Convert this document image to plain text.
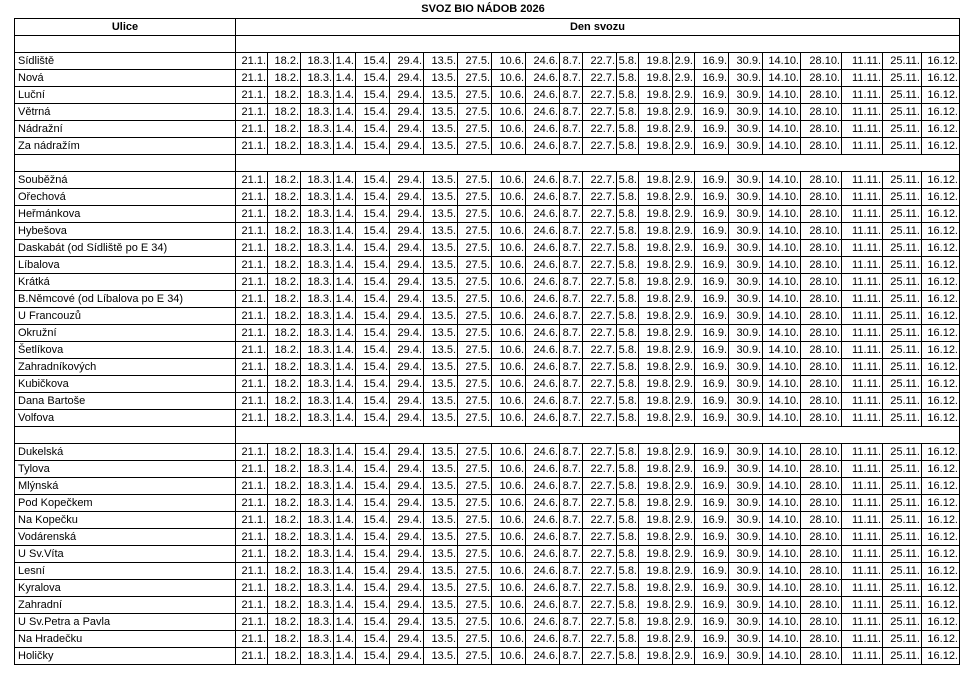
SVOZ BIO NÁDOB 2026
Ulice	Den svozu																					

Sídliště	21.1.	18.2.	18.3.	1.4.	15.4.	29.4.	13.5.	27.5.	10.6.	24.6.	8.7.	22.7.	5.8.	19.8.	2.9.	16.9.	30.9.	14.10.	28.10.	11.11.	25.11.	16.12.
Nová	21.1.	18.2.	18.3.	1.4.	15.4.	29.4.	13.5.	27.5.	10.6.	24.6.	8.7.	22.7.	5.8.	19.8.	2.9.	16.9.	30.9.	14.10.	28.10.	11.11.	25.11.	16.12.
Luční	21.1.	18.2.	18.3.	1.4.	15.4.	29.4.	13.5.	27.5.	10.6.	24.6.	8.7.	22.7.	5.8.	19.8.	2.9.	16.9.	30.9.	14.10.	28.10.	11.11.	25.11.	16.12.
Větrná	21.1.	18.2.	18.3.	1.4.	15.4.	29.4.	13.5.	27.5.	10.6.	24.6.	8.7.	22.7.	5.8.	19.8.	2.9.	16.9.	30.9.	14.10.	28.10.	11.11.	25.11.	16.12.
Nádražní	21.1.	18.2.	18.3.	1.4.	15.4.	29.4.	13.5.	27.5.	10.6.	24.6.	8.7.	22.7.	5.8.	19.8.	2.9.	16.9.	30.9.	14.10.	28.10.	11.11.	25.11.	16.12.
Za nádražím	21.1.	18.2.	18.3.	1.4.	15.4.	29.4.	13.5.	27.5.	10.6.	24.6.	8.7.	22.7.	5.8.	19.8.	2.9.	16.9.	30.9.	14.10.	28.10.	11.11.	25.11.	16.12.

Souběžná	21.1.	18.2.	18.3.	1.4.	15.4.	29.4.	13.5.	27.5.	10.6.	24.6.	8.7.	22.7.	5.8.	19.8.	2.9.	16.9.	30.9.	14.10.	28.10.	11.11.	25.11.	16.12.
Ořechová	21.1.	18.2.	18.3.	1.4.	15.4.	29.4.	13.5.	27.5.	10.6.	24.6.	8.7.	22.7.	5.8.	19.8.	2.9.	16.9.	30.9.	14.10.	28.10.	11.11.	25.11.	16.12.
Heřmánkova	21.1.	18.2.	18.3.	1.4.	15.4.	29.4.	13.5.	27.5.	10.6.	24.6.	8.7.	22.7.	5.8.	19.8.	2.9.	16.9.	30.9.	14.10.	28.10.	11.11.	25.11.	16.12.
Hybešova	21.1.	18.2.	18.3.	1.4.	15.4.	29.4.	13.5.	27.5.	10.6.	24.6.	8.7.	22.7.	5.8.	19.8.	2.9.	16.9.	30.9.	14.10.	28.10.	11.11.	25.11.	16.12.
Daskabát (od Sídliště po E 34)	21.1.	18.2.	18.3.	1.4.	15.4.	29.4.	13.5.	27.5.	10.6.	24.6.	8.7.	22.7.	5.8.	19.8.	2.9.	16.9.	30.9.	14.10.	28.10.	11.11.	25.11.	16.12.
Líbalova	21.1.	18.2.	18.3.	1.4.	15.4.	29.4.	13.5.	27.5.	10.6.	24.6.	8.7.	22.7.	5.8.	19.8.	2.9.	16.9.	30.9.	14.10.	28.10.	11.11.	25.11.	16.12.
Krátká	21.1.	18.2.	18.3.	1.4.	15.4.	29.4.	13.5.	27.5.	10.6.	24.6.	8.7.	22.7.	5.8.	19.8.	2.9.	16.9.	30.9.	14.10.	28.10.	11.11.	25.11.	16.12.
B.Němcové (od Líbalova po E 34)	21.1.	18.2.	18.3.	1.4.	15.4.	29.4.	13.5.	27.5.	10.6.	24.6.	8.7.	22.7.	5.8.	19.8.	2.9.	16.9.	30.9.	14.10.	28.10.	11.11.	25.11.	16.12.
U Francouzů	21.1.	18.2.	18.3.	1.4.	15.4.	29.4.	13.5.	27.5.	10.6.	24.6.	8.7.	22.7.	5.8.	19.8.	2.9.	16.9.	30.9.	14.10.	28.10.	11.11.	25.11.	16.12.
Okružní	21.1.	18.2.	18.3.	1.4.	15.4.	29.4.	13.5.	27.5.	10.6.	24.6.	8.7.	22.7.	5.8.	19.8.	2.9.	16.9.	30.9.	14.10.	28.10.	11.11.	25.11.	16.12.
Šetlíkova	21.1.	18.2.	18.3.	1.4.	15.4.	29.4.	13.5.	27.5.	10.6.	24.6.	8.7.	22.7.	5.8.	19.8.	2.9.	16.9.	30.9.	14.10.	28.10.	11.11.	25.11.	16.12.
Zahradníkových	21.1.	18.2.	18.3.	1.4.	15.4.	29.4.	13.5.	27.5.	10.6.	24.6.	8.7.	22.7.	5.8.	19.8.	2.9.	16.9.	30.9.	14.10.	28.10.	11.11.	25.11.	16.12.
Kubičkova	21.1.	18.2.	18.3.	1.4.	15.4.	29.4.	13.5.	27.5.	10.6.	24.6.	8.7.	22.7.	5.8.	19.8.	2.9.	16.9.	30.9.	14.10.	28.10.	11.11.	25.11.	16.12.
Dana Bartoše	21.1.	18.2.	18.3.	1.4.	15.4.	29.4.	13.5.	27.5.	10.6.	24.6.	8.7.	22.7.	5.8.	19.8.	2.9.	16.9.	30.9.	14.10.	28.10.	11.11.	25.11.	16.12.
Volfova	21.1.	18.2.	18.3.	1.4.	15.4.	29.4.	13.5.	27.5.	10.6.	24.6.	8.7.	22.7.	5.8.	19.8.	2.9.	16.9.	30.9.	14.10.	28.10.	11.11.	25.11.	16.12.

Dukelská	21.1.	18.2.	18.3.	1.4.	15.4.	29.4.	13.5.	27.5.	10.6.	24.6.	8.7.	22.7.	5.8.	19.8.	2.9.	16.9.	30.9.	14.10.	28.10.	11.11.	25.11.	16.12.
Tylova	21.1.	18.2.	18.3.	1.4.	15.4.	29.4.	13.5.	27.5.	10.6.	24.6.	8.7.	22.7.	5.8.	19.8.	2.9.	16.9.	30.9.	14.10.	28.10.	11.11.	25.11.	16.12.
Mlýnská	21.1.	18.2.	18.3.	1.4.	15.4.	29.4.	13.5.	27.5.	10.6.	24.6.	8.7.	22.7.	5.8.	19.8.	2.9.	16.9.	30.9.	14.10.	28.10.	11.11.	25.11.	16.12.
Pod Kopečkem	21.1.	18.2.	18.3.	1.4.	15.4.	29.4.	13.5.	27.5.	10.6.	24.6.	8.7.	22.7.	5.8.	19.8.	2.9.	16.9.	30.9.	14.10.	28.10.	11.11.	25.11.	16.12.
Na Kopečku	21.1.	18.2.	18.3.	1.4.	15.4.	29.4.	13.5.	27.5.	10.6.	24.6.	8.7.	22.7.	5.8.	19.8.	2.9.	16.9.	30.9.	14.10.	28.10.	11.11.	25.11.	16.12.
Vodárenská	21.1.	18.2.	18.3.	1.4.	15.4.	29.4.	13.5.	27.5.	10.6.	24.6.	8.7.	22.7.	5.8.	19.8.	2.9.	16.9.	30.9.	14.10.	28.10.	11.11.	25.11.	16.12.
U Sv.Víta	21.1.	18.2.	18.3.	1.4.	15.4.	29.4.	13.5.	27.5.	10.6.	24.6.	8.7.	22.7.	5.8.	19.8.	2.9.	16.9.	30.9.	14.10.	28.10.	11.11.	25.11.	16.12.
Lesní	21.1.	18.2.	18.3.	1.4.	15.4.	29.4.	13.5.	27.5.	10.6.	24.6.	8.7.	22.7.	5.8.	19.8.	2.9.	16.9.	30.9.	14.10.	28.10.	11.11.	25.11.	16.12.
Kyralova	21.1.	18.2.	18.3.	1.4.	15.4.	29.4.	13.5.	27.5.	10.6.	24.6.	8.7.	22.7.	5.8.	19.8.	2.9.	16.9.	30.9.	14.10.	28.10.	11.11.	25.11.	16.12.
Zahradní	21.1.	18.2.	18.3.	1.4.	15.4.	29.4.	13.5.	27.5.	10.6.	24.6.	8.7.	22.7.	5.8.	19.8.	2.9.	16.9.	30.9.	14.10.	28.10.	11.11.	25.11.	16.12.
U Sv.Petra a Pavla	21.1.	18.2.	18.3.	1.4.	15.4.	29.4.	13.5.	27.5.	10.6.	24.6.	8.7.	22.7.	5.8.	19.8.	2.9.	16.9.	30.9.	14.10.	28.10.	11.11.	25.11.	16.12.
Na Hradečku	21.1.	18.2.	18.3.	1.4.	15.4.	29.4.	13.5.	27.5.	10.6.	24.6.	8.7.	22.7.	5.8.	19.8.	2.9.	16.9.	30.9.	14.10.	28.10.	11.11.	25.11.	16.12.
Holičky	21.1.	18.2.	18.3.	1.4.	15.4.	29.4.	13.5.	27.5.	10.6.	24.6.	8.7.	22.7.	5.8.	19.8.	2.9.	16.9.	30.9.	14.10.	28.10.	11.11.	25.11.	16.12.
